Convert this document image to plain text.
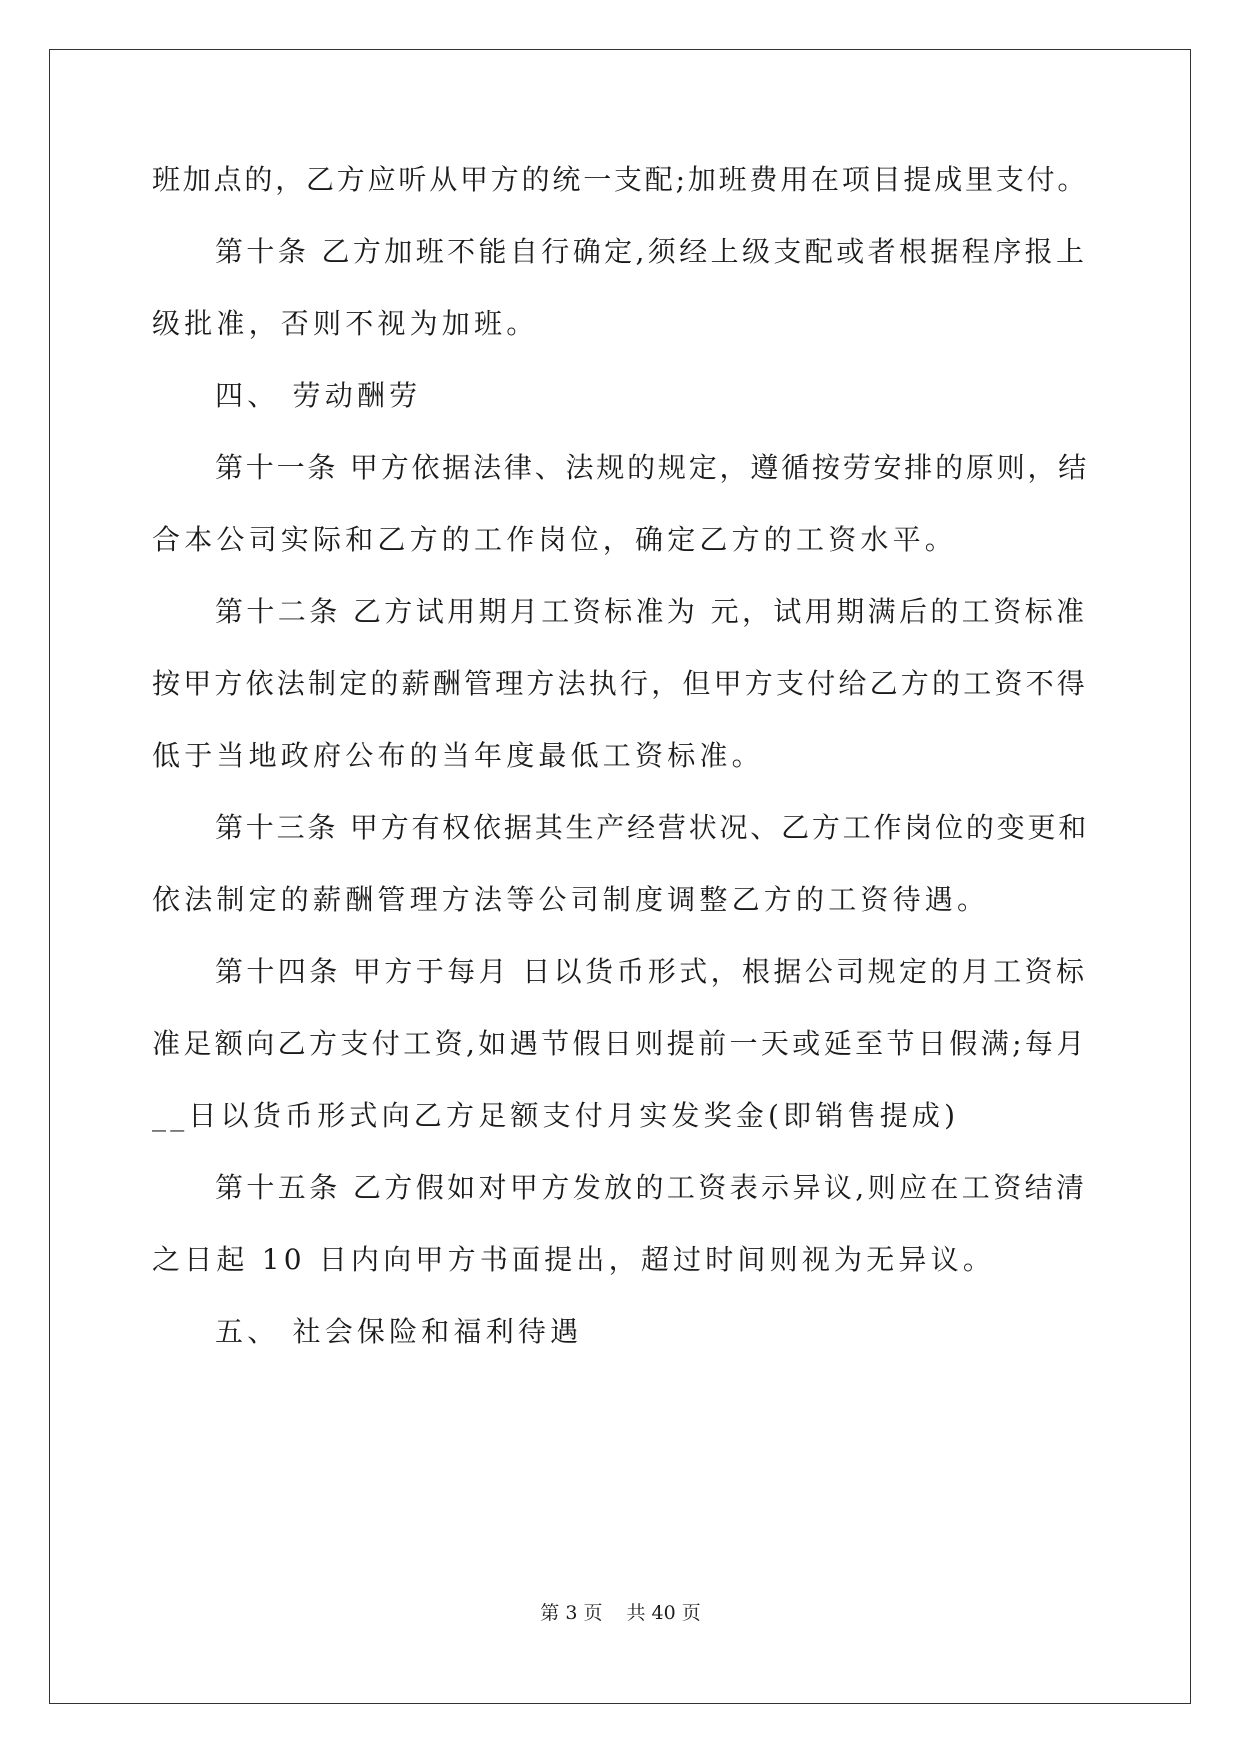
班加点的，乙方应听从甲方的统一支配;加班费用在项目提成里支付。
第十条 乙方加班不能自行确定,须经上级支配或者根据程序报上
级批准，否则不视为加班。
四、 劳动酬劳
第十一条 甲方依据法律、法规的规定，遵循按劳安排的原则，结
合本公司实际和乙方的工作岗位，确定乙方的工资水平。
第十二条 乙方试用期月工资标准为 元，试用期满后的工资标准
按甲方依法制定的薪酬管理方法执行，但甲方支付给乙方的工资不得
低于当地政府公布的当年度最低工资标准。
第十三条 甲方有权依据其生产经营状况、乙方工作岗位的变更和
依法制定的薪酬管理方法等公司制度调整乙方的工资待遇。
第十四条 甲方于每月 日以货币形式，根据公司规定的月工资标
准足额向乙方支付工资,如遇节假日则提前一天或延至节日假满;每月
__日以货币形式向乙方足额支付月实发奖金(即销售提成)
第十五条 乙方假如对甲方发放的工资表示异议,则应在工资结清
之日起 10 日内向甲方书面提出，超过时间则视为无异议。
五、 社会保险和福利待遇
第 3 页 共 40 页
